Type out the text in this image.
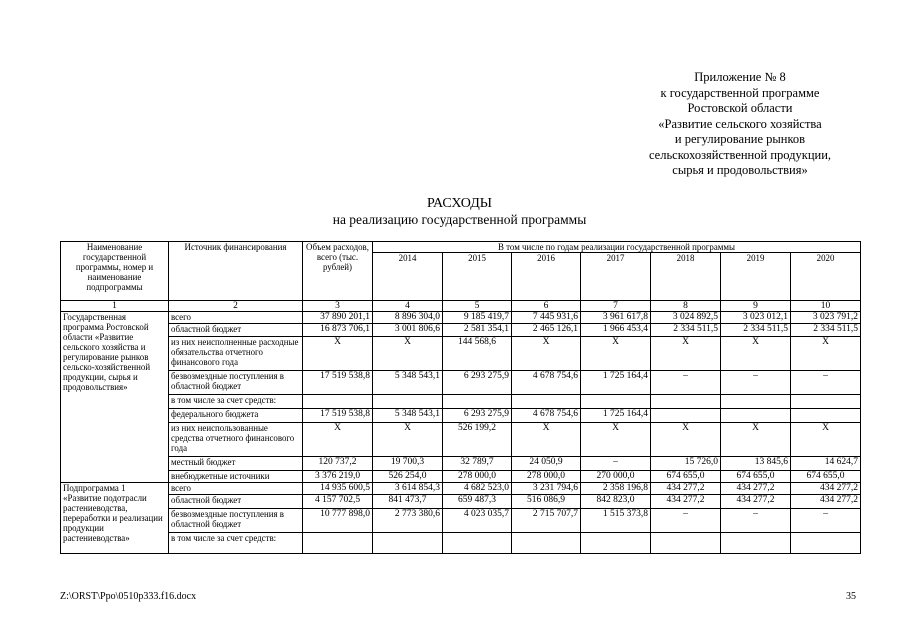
Приложение № 8
к государственной программе
Ростовской области
«Развитие сельского хозяйства
и регулирование рынков
сельскохозяйственной продукции,
сырья и продовольствия»
РАСХОДЫ
на реализацию государственной программы
Наименование государственной программы, номер и наименование подпрограммы	Источник финансирования	Объем расходов, всего (тыс. рублей)	В том числе по годам реализации государственной программы						
			2014	2015	2016	2017	2018	2019	2020
1	2	3	4	5	6	7	8	9	10
Государственная программа Ростовской области «Развитие сельского хозяйства и регулирование рынков сельско-хозяйственной продукции, сырья и продовольствия»	всего	37 890 201,1	8 896 304,0	9 185 419,7	7 445 931,6	3 961 617,8	3 024 892,5	3 023 012,1	3 023 791,2
	областной бюджет	16 873 706,1	3 001 806,6	2 581 354,1	2 465 126,1	1 966 453,4	2 334 511,5	2 334 511,5	2 334 511,5
	из них неисполненные расходные обязательства отчетного финансового года	X	X	144 568,6	X	X	X	X	X
	безвозмездные поступления в областной бюджет	17 519 538,8	5 348 543,1	6 293 275,9	4 678 754,6	1 725 164,4	–	–	–
	в том числе за счет средств:								
	федерального бюджета	17 519 538,8	5 348 543,1	6 293 275,9	4 678 754,6	1 725 164,4			
	из них неиспользованные средства отчетного финансового года	X	X	526 199,2	X	X	X	X	X
	местный бюджет	120 737,2	19 700,3	32 789,7	24 050,9	–	15 726,0	13 845,6	14 624,7
	внебюджетные источники	3 376 219,0	526 254,0	278 000,0	278 000,0	270 000,0	674 655,0	674 655,0	674 655,0
Подпрограмма 1 «Развитие подотрасли растениеводства, переработки и реализации продукции растениеводства»	всего	14 935 600,5	3 614 854,3	4 682 523,0	3 231 794,6	2 358 196,8	434 277,2	434 277,2	434 277,2
	областной бюджет	4 157 702,5	841 473,7	659 487,3	516 086,9	842 823,0	434 277,2	434 277,2	434 277,2
	безвозмездные поступления в областной бюджет	10 777 898,0	2 773 380,6	4 023 035,7	2 715 707,7	1 515 373,8	–	–	–
	в том числе за счет средств:								
Z:\ORST\Ppo\0510p333.f16.docx	35
